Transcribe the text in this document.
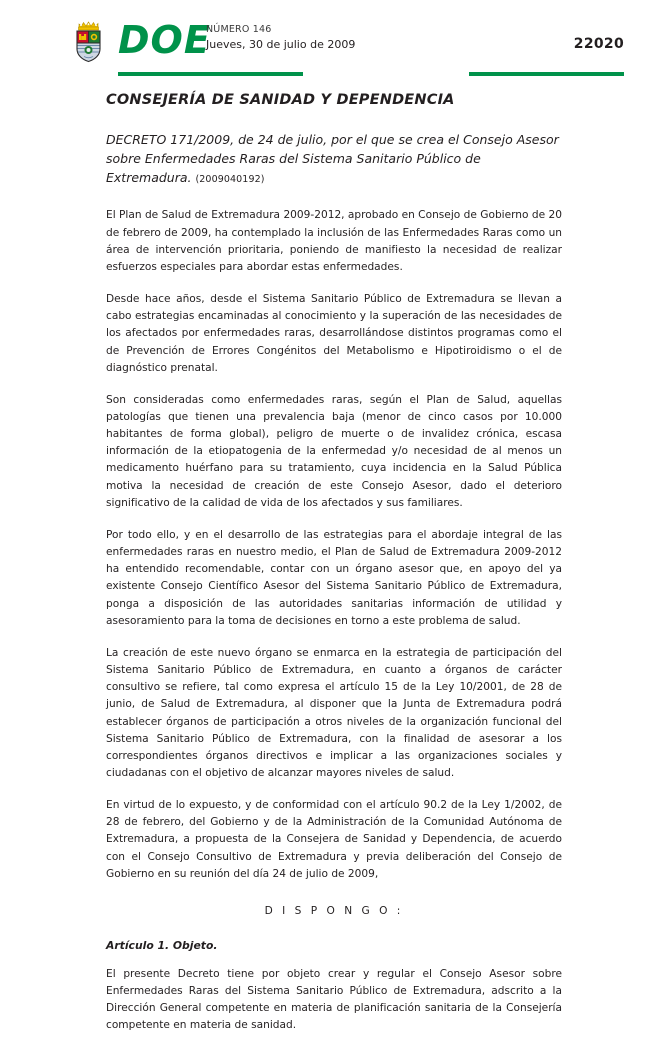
DOE
NÚMERO 146
Jueves, 30 de julio de 2009	22020
CONSEJERÍA DE SANIDAD Y DEPENDENCIA
DECRETO 171/2009, de 24 de julio, por el que se crea el Consejo Asesor sobre Enfermedades Raras del Sistema Sanitario Público de Extremadura. (2009040192)

El Plan de Salud de Extremadura 2009-2012, aprobado en Consejo de Gobierno de 20 de febrero de 2009, ha contemplado la inclusión de las Enfermedades Raras como un área de intervención prioritaria, poniendo de manifiesto la necesidad de realizar esfuerzos especiales para abordar estas enfermedades.

Desde hace años, desde el Sistema Sanitario Público de Extremadura se llevan a cabo estrategias encaminadas al conocimiento y la superación de las necesidades de los afectados por enfermedades raras, desarrollándose distintos programas como el de Prevención de Errores Congénitos del Metabolismo e Hipotiroidismo o el de diagnóstico prenatal.

Son consideradas como enfermedades raras, según el Plan de Salud, aquellas patologías que tienen una prevalencia baja (menor de cinco casos por 10.000 habitantes de forma global), peligro de muerte o de invalidez crónica, escasa información de la etiopatogenia de la enfermedad y/o necesidad de al menos un medicamento huérfano para su tratamiento, cuya incidencia en la Salud Pública motiva la necesidad de creación de este Consejo Asesor, dado el deterioro significativo de la calidad de vida de los afectados y sus familiares.

Por todo ello, y en el desarrollo de las estrategias para el abordaje integral de las enfermedades raras en nuestro medio, el Plan de Salud de Extremadura 2009-2012 ha entendido recomendable, contar con un órgano asesor que, en apoyo del ya existente Consejo Científico Asesor del Sistema Sanitario Público de Extremadura, ponga a disposición de las autoridades sanitarias información de utilidad y asesoramiento para la toma de decisiones en torno a este problema de salud.

La creación de este nuevo órgano se enmarca en la estrategia de participación del Sistema Sanitario Público de Extremadura, en cuanto a órganos de carácter consultivo se refiere, tal como expresa el artículo 15 de la Ley 10/2001, de 28 de junio, de Salud de Extremadura, al disponer que la Junta de Extremadura podrá establecer órganos de participación a otros niveles de la organización funcional del Sistema Sanitario Público de Extremadura, con la finalidad de asesorar a los correspondientes órganos directivos e implicar a las organizaciones sociales y ciudadanas con el objetivo de alcanzar mayores niveles de salud.

En virtud de lo expuesto, y de conformidad con el artículo 90.2 de la Ley 1/2002, de 28 de febrero, del Gobierno y de la Administración de la Comunidad Autónoma de Extremadura, a propuesta de la Consejera de Sanidad y Dependencia, de acuerdo con el Consejo Consultivo de Extremadura y previa deliberación del Consejo de Gobierno en su reunión del día 24 de julio de 2009,

D I S P O N G O :
Artículo 1. Objeto.

El presente Decreto tiene por objeto crear y regular el Consejo Asesor sobre Enfermedades Raras del Sistema Sanitario Público de Extremadura, adscrito a la Dirección General competente en materia de planificación sanitaria de la Consejería competente en materia de sanidad.
